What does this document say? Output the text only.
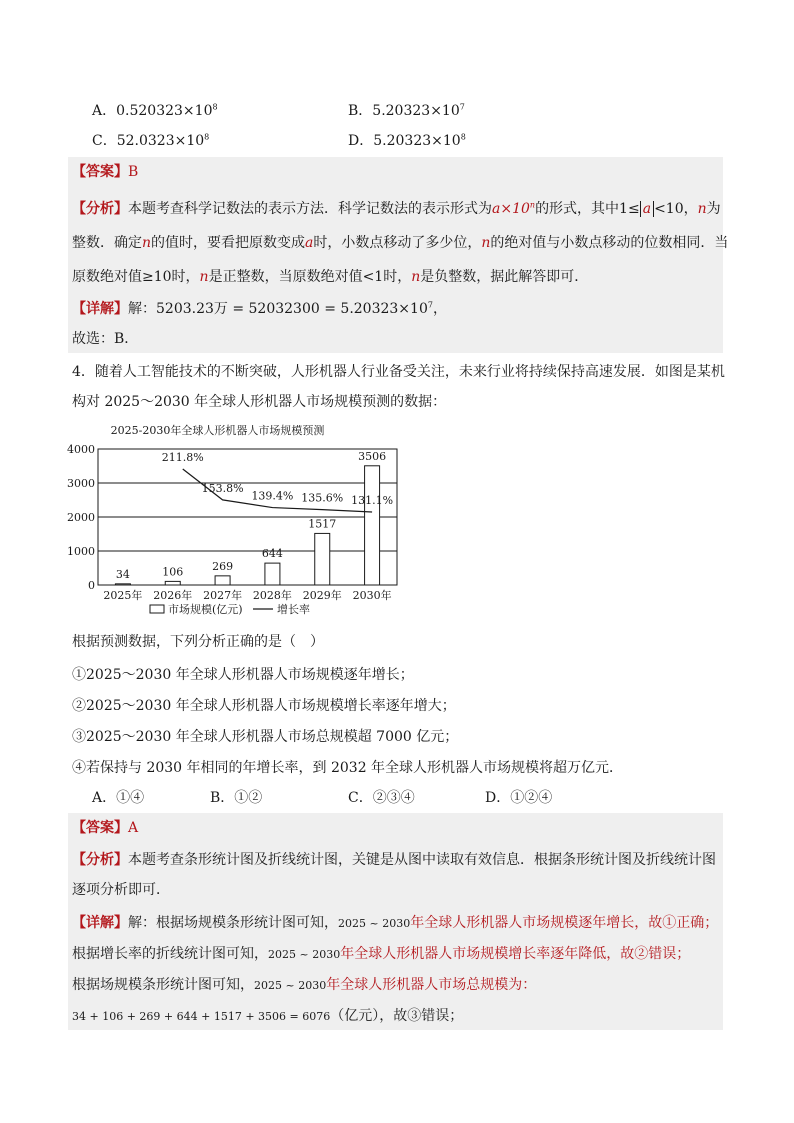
A．$0.520323\times 10^8$	B．$5.20323\times 10^7$
C．$52.0323\times 10^8$	D．$5.20323\times 10^8$
【答案】B
【分析】本题考查科学记数法的表示方法．科学记数法的表示形式为$a\times 10^n$的形式，其中1≤ a <10，n为
整数．确定n的值时，要看把原数变成a时，小数点移动了多少位，n的绝对值与小数点移动的位数相同．当
原数绝对值≥10时，n是正整数，当原数绝对值<1时，n是负整数，据此解答即可．
【详解】解：5203.23万 = $52032300 = 5.20323\times 10^7$，
故选：B．
4．随着人工智能技术的不断突破，人形机器人行业备受关注，未来行业将持续保持高速发展．如图是某机
构对 2025～2030 年全球人形机器人市场规模预测的数据：
2025-2030年全球人形机器人市场规模预测
0
1000
2000
3000
4000
34
2025年
106
2026年
269
2027年
644
2028年
1517
2029年
3506
2030年
211.8%
153.8%
139.4% 135.6% 131.1%
市场规模(亿元)	增长率
根据预测数据，下列分析正确的是（　）
①2025～2030 年全球人形机器人市场规模逐年增长；
②2025～2030 年全球人形机器人市场规模增长率逐年增大；
③2025～2030 年全球人形机器人市场总规模超 7000 亿元；
④若保持与 2030 年相同的年增长率，到 2032 年全球人形机器人市场规模将超万亿元．
A．①④	B．①②	C．②③④	D．①②④
【答案】A
【分析】本题考查条形统计图及折线统计图，关键是从图中读取有效信息．根据条形统计图及折线统计图
逐项分析即可．
【详解】解：根据场规模条形统计图可知，2025 ~ 2030年全球人形机器人市场规模逐年增长，故①正确；
根据增长率的折线统计图可知，2025 ~ 2030年全球人形机器人市场规模增长率逐年降低，故②错误；
根据场规模条形统计图可知，2025 ~ 2030年全球人形机器人市场总规模为：
34 + 106 + 269 + 644 + 1517 + 3506 = 6076（亿元），故③错误；
